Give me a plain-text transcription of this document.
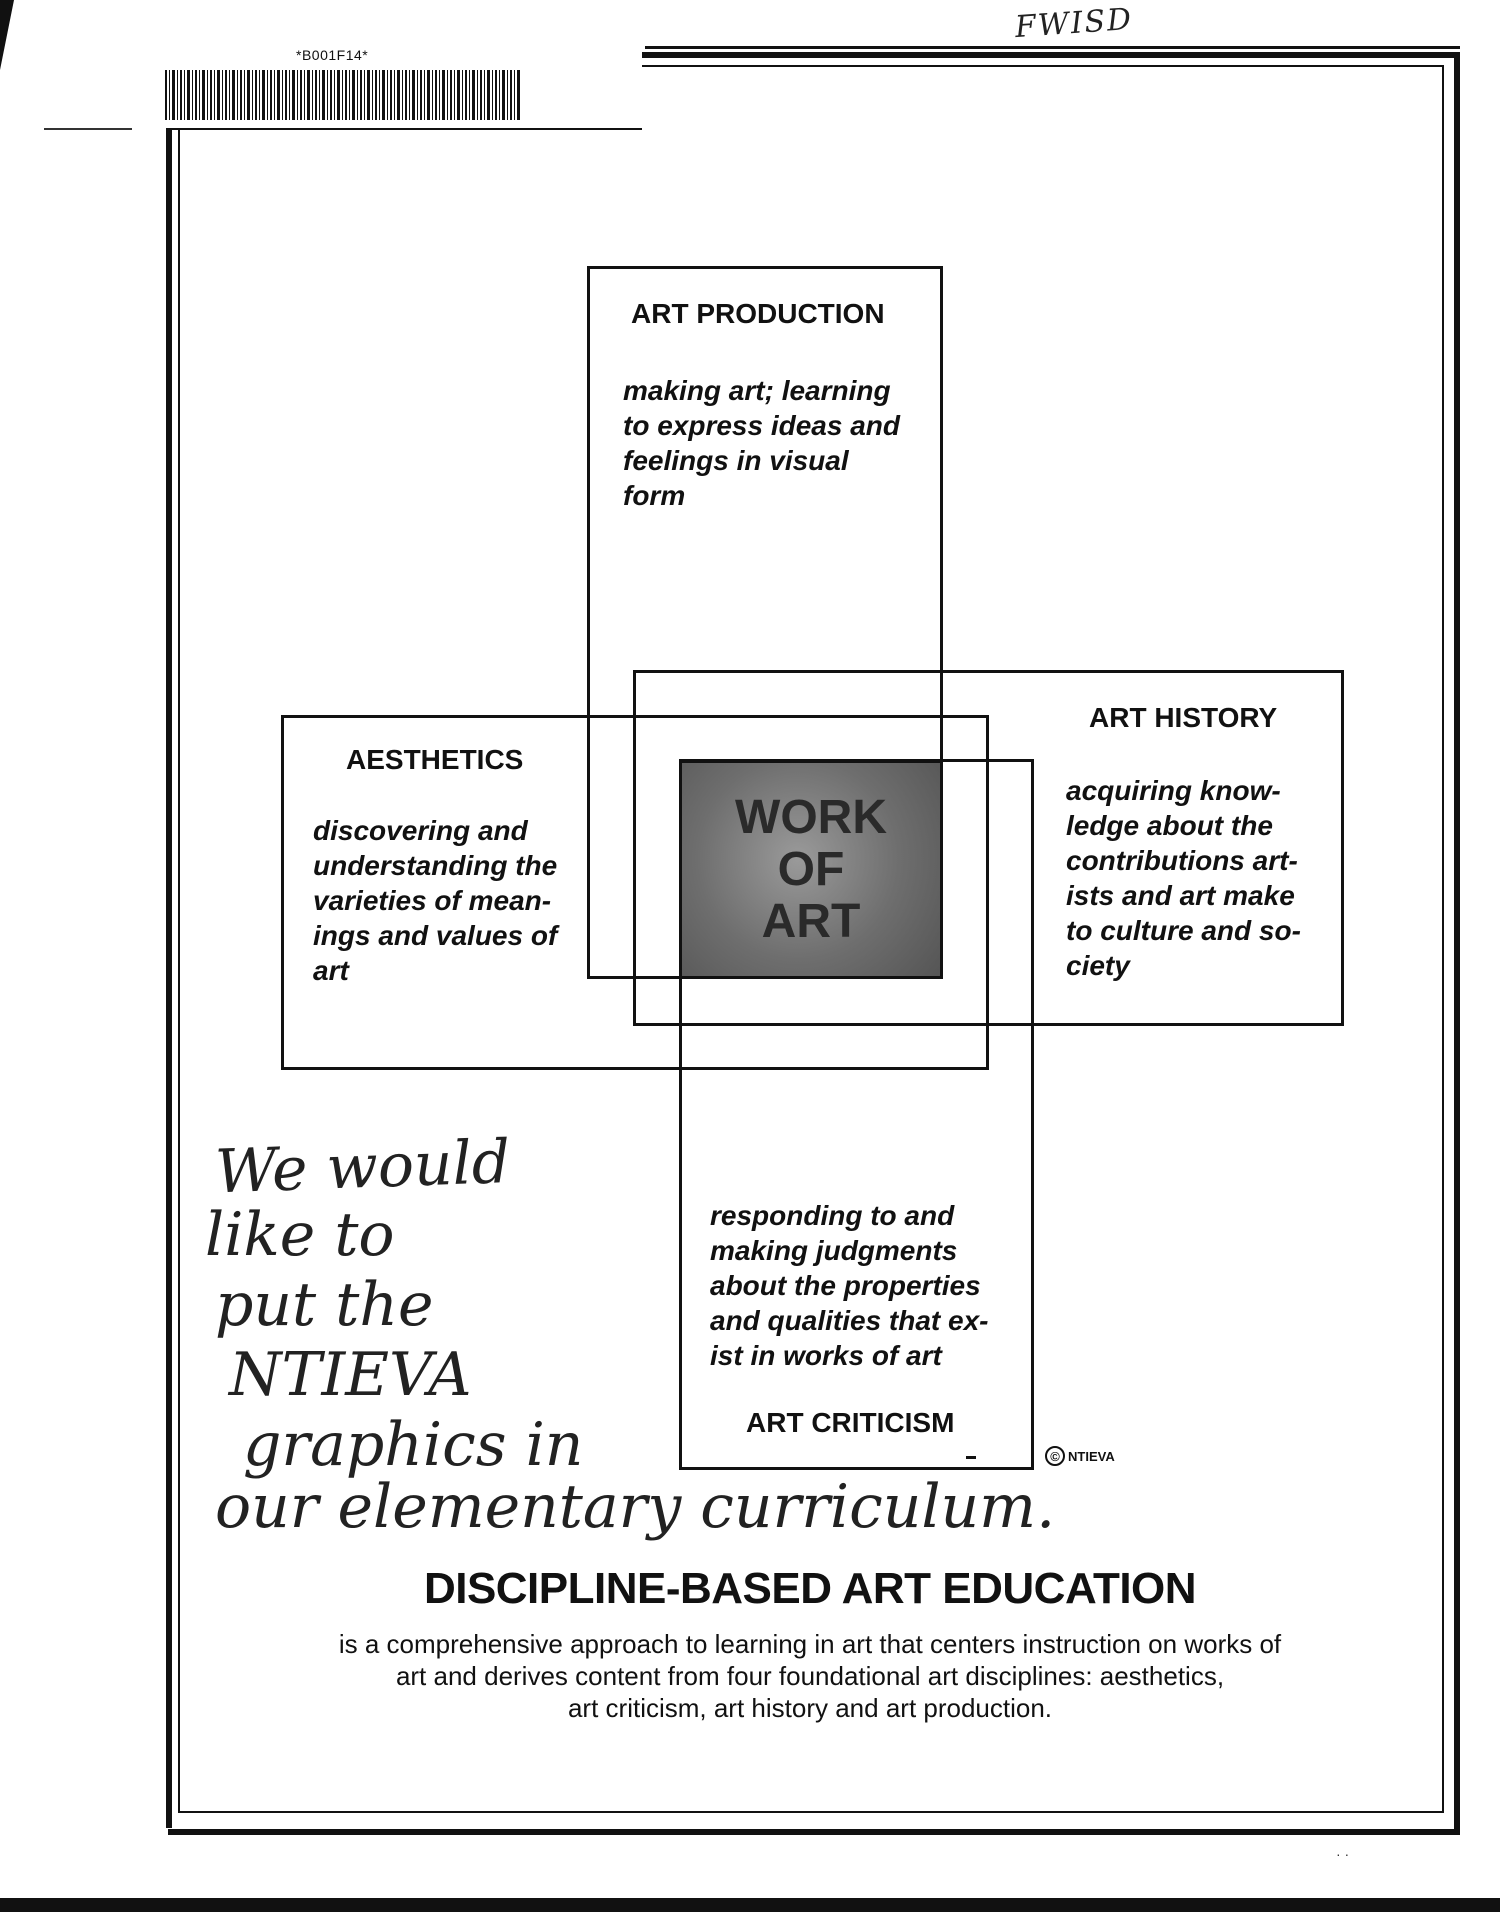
· ·
*B001F14*
FWISD
WORK
OF
ART
ART PRODUCTION
making art; learning
to express ideas and
feelings in visual
form
AESTHETICS
discovering and
understanding the
varieties of mean-
ings and values of
art
ART HISTORY
acquiring know-
ledge about the
contributions art-
ists and art make
to culture and so-
ciety
responding to and
making judgments
about the properties
and qualities that ex-
ist in works of art
ART CRITICISM
© NTIEVA
We would
like to
put the
NTIEVA
graphics in
our elementary curriculum.
DISCIPLINE-BASED ART EDUCATION
is a comprehensive approach to learning in art that centers instruction on works of
art and derives content from four foundational art disciplines: aesthetics,
art criticism, art history and art production.
